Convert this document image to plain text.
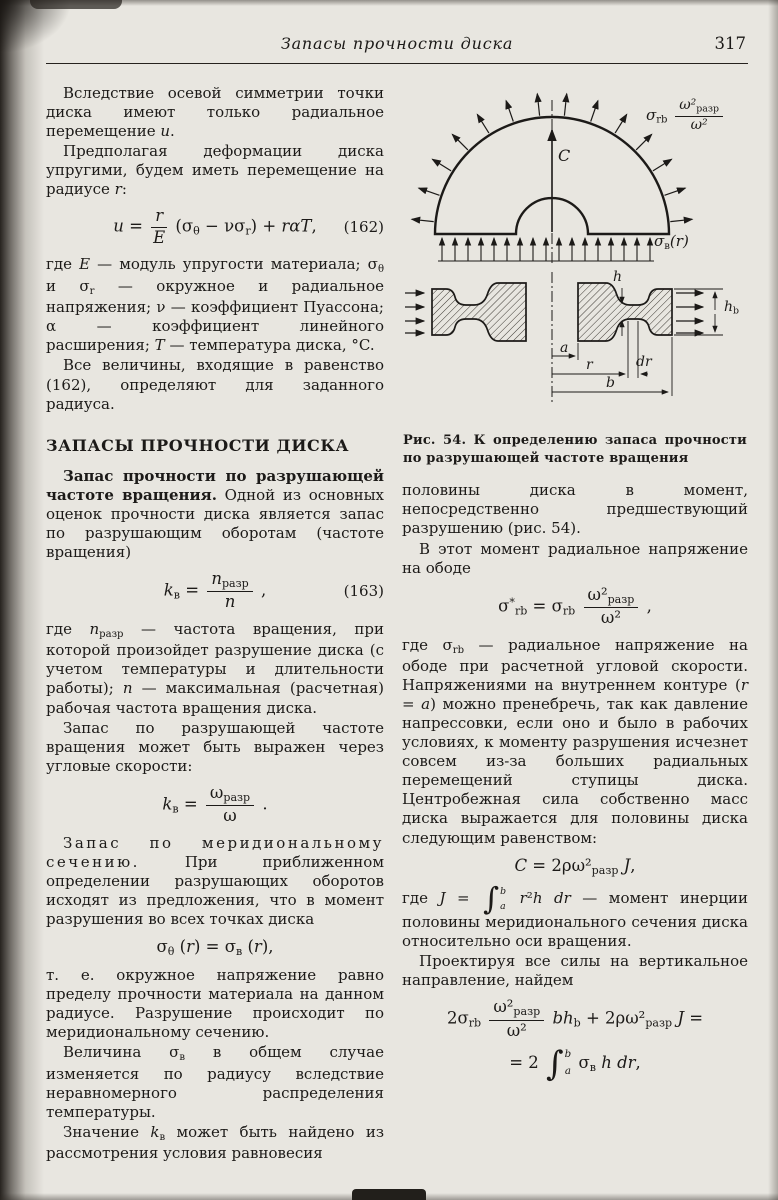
Запасы прочности диска	317

Вследствие осевой симметрии точки диска имеют только радиальное перемещение u.

Предполагая деформации диска упругими, будем иметь перемещение на радиусе r:

$u = \frac{r}{E} (\sigma\theta - \nu\sigma r) + r\alpha T$,	(162)

где E — модуль упругости материала; σθ и σr — окружное и радиальное напряжения; ν — коэффициент Пуассона; α — коэффициент линейного расширения; T — температура диска, °C.

Все величины, входящие в равенство (162), определяют для заданного радиуса.

ЗАПАСЫ ПРОЧНОСТИ ДИСКА

Запас прочности по разрушающей частоте вращения. Одной из основных оценок прочности диска является запас по разрушающим оборотам (частоте вращения)

kв = $\frac{\text{nразр}}{n}$ ,	(163)

где nразр — частота вращения, при которой произойдет разрушение диска (с учетом температуры и длительности работы); n — максимальная (расчетная) рабочая частота вращения диска.

Запас по разрушающей частоте вращения может быть выражен через угловые скорости:

kв = $\frac{\text{ωразр}}{\omega}$ .

Запас по меридиональному сечению. При приближенном определении разрушающих оборотов исходят из предложения, что в момент разрушения во всех точках диска

σθ (r) = σв (r),

т. е. окружное напряжение равно пределу прочности материала на данном радиусе. Разрушение происходит по меридиональному сечению.

Величина σв в общем случае изменяется по радиусу вследствие неравномерного распределения температуры.

Значение kв может быть найдено из рассмотрения условия равновесия

σrb $\frac{\text{ω²разр}}{\text{ω²}}$
C
σв(r)
h
hb
a
r	dr
b
Рис. 54. К определению запаса прочности по разрушающей частоте вращения

половины диска в момент, непосредственно предшествующий разрушению (рис. 54).

В этот момент радиальное напряжение на ободе

σ*rb = σrb $\frac{\text{ω²разр}}{\text{ω²}}$ ,

где σrb — радиальное напряжение на ободе при расчетной угловой скорости. Напряжениями на внутреннем контуре (r = a) можно пренебречь, так как давление напрессовки, если оно и было в рабочих условиях, к моменту разрушения исчезнет совсем из-за больших радиальных перемещений ступицы диска. Центробежная сила собственно масс диска выражается для половины диска следующим равенством:

C = 2ρω²разр J,

где J = ∫ b
a r²h dr — момент инерции половины меридионального сечения диска относительно оси вращения.

Проектируя все силы на вертикальное направление, найдем

$2\sigma rb \frac{\text{ω²разр}}{\text{ω²}}$ bhb + 2ρω²разр J =
= 2 ∫ b
a σв h dr,
